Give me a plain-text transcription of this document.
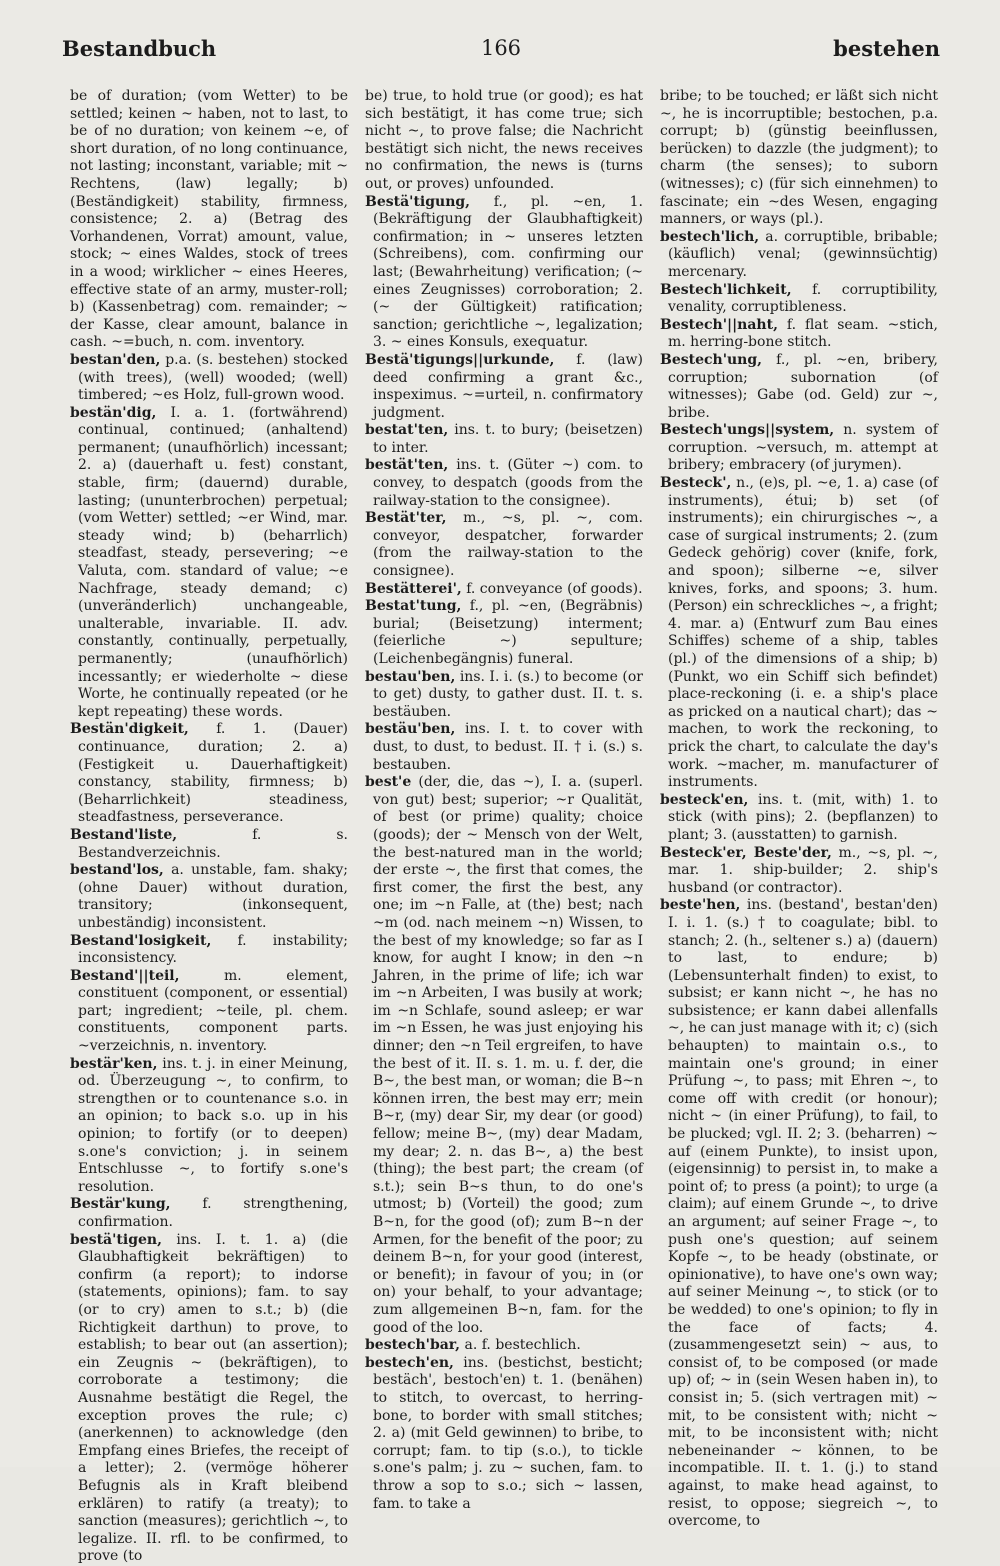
Bestandbuch	166	bestehen
be of duration; (vom Wetter) to be settled; keinen ~ haben, not to last, to be of no duration; von keinem ~e, of short duration, of no long continuance, not lasting; inconstant, variable; mit ~ Rechtens, (law) legally; b) (Beständigkeit) stability, firmness, consistence; 2. a) (Betrag des Vorhandenen, Vorrat) amount, value, stock; ~ eines Waldes, stock of trees in a wood; wirklicher ~ eines Heeres, effective state of an army, muster-roll; b) (Kassenbetrag) com. remainder; ~ der Kasse, clear amount, balance in cash. ~=buch, n. com. inventory.
bestan'den, p.a. (s. bestehen) stocked (with trees), (well) wooded; (well) timbered; ~es Holz, full-grown wood.
bestän'dig, I. a. 1. (fortwährend) continual, continued; (anhaltend) permanent; (unaufhörlich) incessant; 2. a) (dauerhaft u. fest) constant, stable, firm; (dauernd) durable, lasting; (ununterbrochen) perpetual; (vom Wetter) settled; ~er Wind, mar. steady wind; b) (beharrlich) steadfast, steady, persevering; ~e Valuta, com. standard of value; ~e Nachfrage, steady demand; c) (unveränderlich) unchangeable, unalterable, invariable. II. adv. constantly, continually, perpetually, permanently; (unaufhörlich) incessantly; er wiederholte ~ diese Worte, he continually repeated (or he kept repeating) these words.
Bestän'digkeit, f. 1. (Dauer) continuance, duration; 2. a) (Festigkeit u. Dauerhaftigkeit) constancy, stability, firmness; b) (Beharrlichkeit) steadiness, steadfastness, perseverance.
Bestand'liste, f. s. Bestandverzeichnis.
bestand'los, a. unstable, fam. shaky; (ohne Dauer) without duration, transitory; (inkonsequent, unbeständig) inconsistent.
Bestand'losigkeit, f. instability; inconsistency.
Bestand'||teil, m. element, constituent (component, or essential) part; ingredient; ~teile, pl. chem. constituents, component parts. ~verzeichnis, n. inventory.
bestär'ken, ins. t. j. in einer Meinung, od. Überzeugung ~, to confirm, to strengthen or to countenance s.o. in an opinion; to back s.o. up in his opinion; to fortify (or to deepen) s.one's conviction; j. in seinem Entschlusse ~, to fortify s.one's resolution.
Bestär'kung, f. strengthening, confirmation.
bestä'tigen, ins. I. t. 1. a) (die Glaubhaftigkeit bekräftigen) to confirm (a report); to indorse (statements, opinions); fam. to say (or to cry) amen to s.t.; b) (die Richtigkeit darthun) to prove, to establish; to bear out (an assertion); ein Zeugnis ~ (bekräftigen), to corroborate a testimony; die Ausnahme bestätigt die Regel, the exception proves the rule; c) (anerkennen) to acknowledge (den Empfang eines Briefes, the receipt of a letter); 2. (vermöge höherer Befugnis als in Kraft bleibend erklären) to ratify (a treaty); to sanction (measures); gerichtlich ~, to legalize. II. rfl. to be confirmed, to prove (to
be) true, to hold true (or good); es hat sich bestätigt, it has come true; sich nicht ~, to prove false; die Nachricht bestätigt sich nicht, the news receives no confirmation, the news is (turns out, or proves) unfounded.
Bestä'tigung, f., pl. ~en, 1. (Bekräftigung der Glaubhaftigkeit) confirmation; in ~ unseres letzten (Schreibens), com. confirming our last; (Bewahrheitung) verification; (~ eines Zeugnisses) corroboration; 2. (~ der Gültigkeit) ratification; sanction; gerichtliche ~, legalization; 3. ~ eines Konsuls, exequatur.
Bestä'tigungs||urkunde, f. (law) deed confirming a grant &c., inspeximus. ~=urteil, n. confirmatory judgment.
bestat'ten, ins. t. to bury; (beisetzen) to inter.
bestät'ten, ins. t. (Güter ~) com. to convey, to despatch (goods from the railway-station to the consignee).
Bestät'ter, m., ~s, pl. ~, com. conveyor, despatcher, forwarder (from the railway-station to the consignee).
Bestätterei', f. conveyance (of goods).
Bestat'tung, f., pl. ~en, (Begräbnis) burial; (Beisetzung) interment; (feierliche ~) sepulture; (Leichenbegängnis) funeral.
bestau'ben, ins. I. i. (s.) to become (or to get) dusty, to gather dust. II. t. s. bestäuben.
bestäu'ben, ins. I. t. to cover with dust, to dust, to bedust. II. † i. (s.) s. bestauben.
best'e (der, die, das ~), I. a. (superl. von gut) best; superior; ~r Qualität, of best (or prime) quality; choice (goods); der ~ Mensch von der Welt, the best-natured man in the world; der erste ~, the first that comes, the first comer, the first the best, any one; im ~n Falle, at (the) best; nach ~m (od. nach meinem ~n) Wissen, to the best of my knowledge; so far as I know, for aught I know; in den ~n Jahren, in the prime of life; ich war im ~n Arbeiten, I was busily at work; im ~n Schlafe, sound asleep; er war im ~n Essen, he was just enjoying his dinner; den ~n Teil ergreifen, to have the best of it. II. s. 1. m. u. f. der, die B~, the best man, or woman; die B~n können irren, the best may err; mein B~r, (my) dear Sir, my dear (or good) fellow; meine B~, (my) dear Madam, my dear; 2. n. das B~, a) the best (thing); the best part; the cream (of s.t.); sein B~s thun, to do one's utmost; b) (Vorteil) the good; zum B~n, for the good (of); zum B~n der Armen, for the benefit of the poor; zu deinem B~n, for your good (interest, or benefit); in favour of you; in (or on) your behalf, to your advantage; zum allgemeinen B~n, fam. for the good of the loo.
bestech'bar, a. f. bestechlich.
bestech'en, ins. (bestichst, besticht; bestäch', bestoch'en) t. 1. (benähen) to stitch, to overcast, to herring-bone, to border with small stitches; 2. a) (mit Geld gewinnen) to bribe, to corrupt; fam. to tip (s.o.), to tickle s.one's palm; j. zu ~ suchen, fam. to throw a sop to s.o.; sich ~ lassen, fam. to take a
bribe; to be touched; er läßt sich nicht ~, he is incorruptible; bestochen, p.a. corrupt; b) (günstig beeinflussen, berücken) to dazzle (the judgment); to charm (the senses); to suborn (witnesses); c) (für sich einnehmen) to fascinate; ein ~des Wesen, engaging manners, or ways (pl.).
bestech'lich, a. corruptible, bribable; (käuflich) venal; (gewinnsüchtig) mercenary.
Bestech'lichkeit, f. corruptibility, venality, corruptibleness.
Bestech'||naht, f. flat seam. ~stich, m. herring-bone stitch.
Bestech'ung, f., pl. ~en, bribery, corruption; subornation (of witnesses); Gabe (od. Geld) zur ~, bribe.
Bestech'ungs||system, n. system of corruption. ~versuch, m. attempt at bribery; embracery (of jurymen).
Besteck', n., (e)s, pl. ~e, 1. a) case (of instruments), étui; b) set (of instruments); ein chirurgisches ~, a case of surgical instruments; 2. (zum Gedeck gehörig) cover (knife, fork, and spoon); silberne ~e, silver knives, forks, and spoons; 3. hum. (Person) ein schreckliches ~, a fright; 4. mar. a) (Entwurf zum Bau eines Schiffes) scheme of a ship, tables (pl.) of the dimensions of a ship; b) (Punkt, wo ein Schiff sich befindet) place-reckoning (i. e. a ship's place as pricked on a nautical chart); das ~ machen, to work the reckoning, to prick the chart, to calculate the day's work. ~macher, m. manufacturer of instruments.
besteck'en, ins. t. (mit, with) 1. to stick (with pins); 2. (bepflanzen) to plant; 3. (ausstatten) to garnish.
Besteck'er, Beste'der, m., ~s, pl. ~, mar. 1. ship-builder; 2. ship's husband (or contractor).
beste'hen, ins. (bestand', bestan'den) I. i. 1. (s.) † to coagulate; bibl. to stanch; 2. (h., seltener s.) a) (dauern) to last, to endure; b) (Lebensunterhalt finden) to exist, to subsist; er kann nicht ~, he has no subsistence; er kann dabei allenfalls ~, he can just manage with it; c) (sich behaupten) to maintain o.s., to maintain one's ground; in einer Prüfung ~, to pass; mit Ehren ~, to come off with credit (or honour); nicht ~ (in einer Prüfung), to fail, to be plucked; vgl. II. 2; 3. (beharren) ~ auf (einem Punkte), to insist upon, (eigensinnig) to persist in, to make a point of; to press (a point); to urge (a claim); auf einem Grunde ~, to drive an argument; auf seiner Frage ~, to push one's question; auf seinem Kopfe ~, to be heady (obstinate, or opinionative), to have one's own way; auf seiner Meinung ~, to stick (or to be wedded) to one's opinion; to fly in the face of facts; 4. (zusammengesetzt sein) ~ aus, to consist of, to be composed (or made up) of; ~ in (sein Wesen haben in), to consist in; 5. (sich vertragen mit) ~ mit, to be consistent with; nicht ~ mit, to be inconsistent with; nicht nebeneinander ~ können, to be incompatible. II. t. 1. (j.) to stand against, to make head against, to resist, to oppose; siegreich ~, to overcome, to
